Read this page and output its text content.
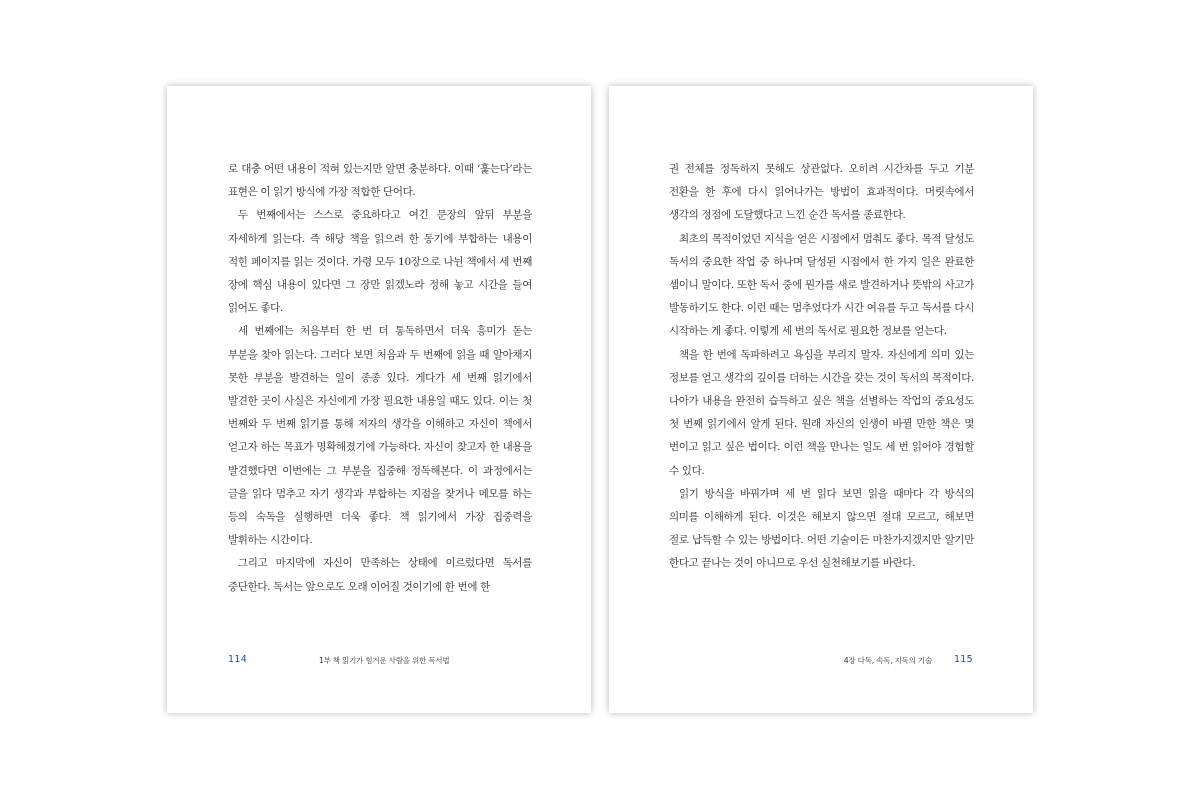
로 대충 어떤 내용이 적혀 있는지만 알면 충분하다. 이때 ‘훑는다’라는 표현은 이 읽기 방식에 가장 적합한 단어다.

두 번째에서는 스스로 중요하다고 여긴 문장의 앞뒤 부분을 자세하게 읽는다. 즉 해당 책을 읽으려 한 동기에 부합하는 내용이 적힌 페이지를 읽는 것이다. 가령 모두 10장으로 나뉜 책에서 세 번째 장에 핵심 내용이 있다면 그 장만 읽겠노라 정해 놓고 시간을 들여 읽어도 좋다.

세 번째에는 처음부터 한 번 더 통독하면서 더욱 흥미가 돋는 부분을 찾아 읽는다. 그러다 보면 처음과 두 번째에 읽을 때 알아채지 못한 부분을 발견하는 일이 종종 있다. 게다가 세 번째 읽기에서 발견한 곳이 사실은 자신에게 가장 필요한 내용일 때도 있다. 이는 첫 번째와 두 번째 읽기를 통해 저자의 생각을 이해하고 자신이 책에서 얻고자 하는 목표가 명확해졌기에 가능하다. 자신이 찾고자 한 내용을 발견했다면 이번에는 그 부분을 집중해 정독해본다. 이 과정에서는 글을 읽다 멈추고 자기 생각과 부합하는 지점을 찾거나 메모를 하는 등의 숙독을 실행하면 더욱 좋다. 책 읽기에서 가장 집중력을 발휘하는 시간이다.

그리고 마지막에 자신이 만족하는 상태에 이르렀다면 독서를 중단한다. 독서는 앞으로도 오래 이어질 것이기에 한 번에 한

114	1부 책 읽기가 힘겨운 사람을 위한 독서법

권 전체를 정독하지 못해도 상관없다. 오히려 시간차를 두고 기분 전환을 한 후에 다시 읽어나가는 방법이 효과적이다. 머릿속에서 생각의 정점에 도달했다고 느낀 순간 독서를 종료한다.

최초의 목적이었던 지식을 얻은 시점에서 멈춰도 좋다. 목적 달성도 독서의 중요한 작업 중 하나며 달성된 시점에서 한 가지 일은 완료한 셈이니 말이다. 또한 독서 중에 뭔가를 새로 발견하거나 뜻밖의 사고가 발동하기도 한다. 이런 때는 멈추었다가 시간 여유를 두고 독서를 다시 시작하는 게 좋다. 이렇게 세 번의 독서로 필요한 정보를 얻는다.

책을 한 번에 독파하려고 욕심을 부리지 말자. 자신에게 의미 있는 정보를 얻고 생각의 깊이를 더하는 시간을 갖는 것이 독서의 목적이다. 나아가 내용을 완전히 습득하고 싶은 책을 선별하는 작업의 중요성도 첫 번째 읽기에서 알게 된다. 원래 자신의 인생이 바뀔 만한 책은 몇 번이고 읽고 싶은 법이다. 이런 책을 만나는 일도 세 번 읽어야 경험할 수 있다.

읽기 방식을 바꿔가며 세 번 읽다 보면 읽을 때마다 각 방식의 의미를 이해하게 된다. 이것은 해보지 않으면 절대 모르고, 해보면 절로 납득할 수 있는 방법이다. 어떤 기술이든 마찬가지겠지만 알기만 한다고 끝나는 것이 아니므로 우선 실천해보기를 바란다.

4장 다독, 속독, 지독의 기술 115
